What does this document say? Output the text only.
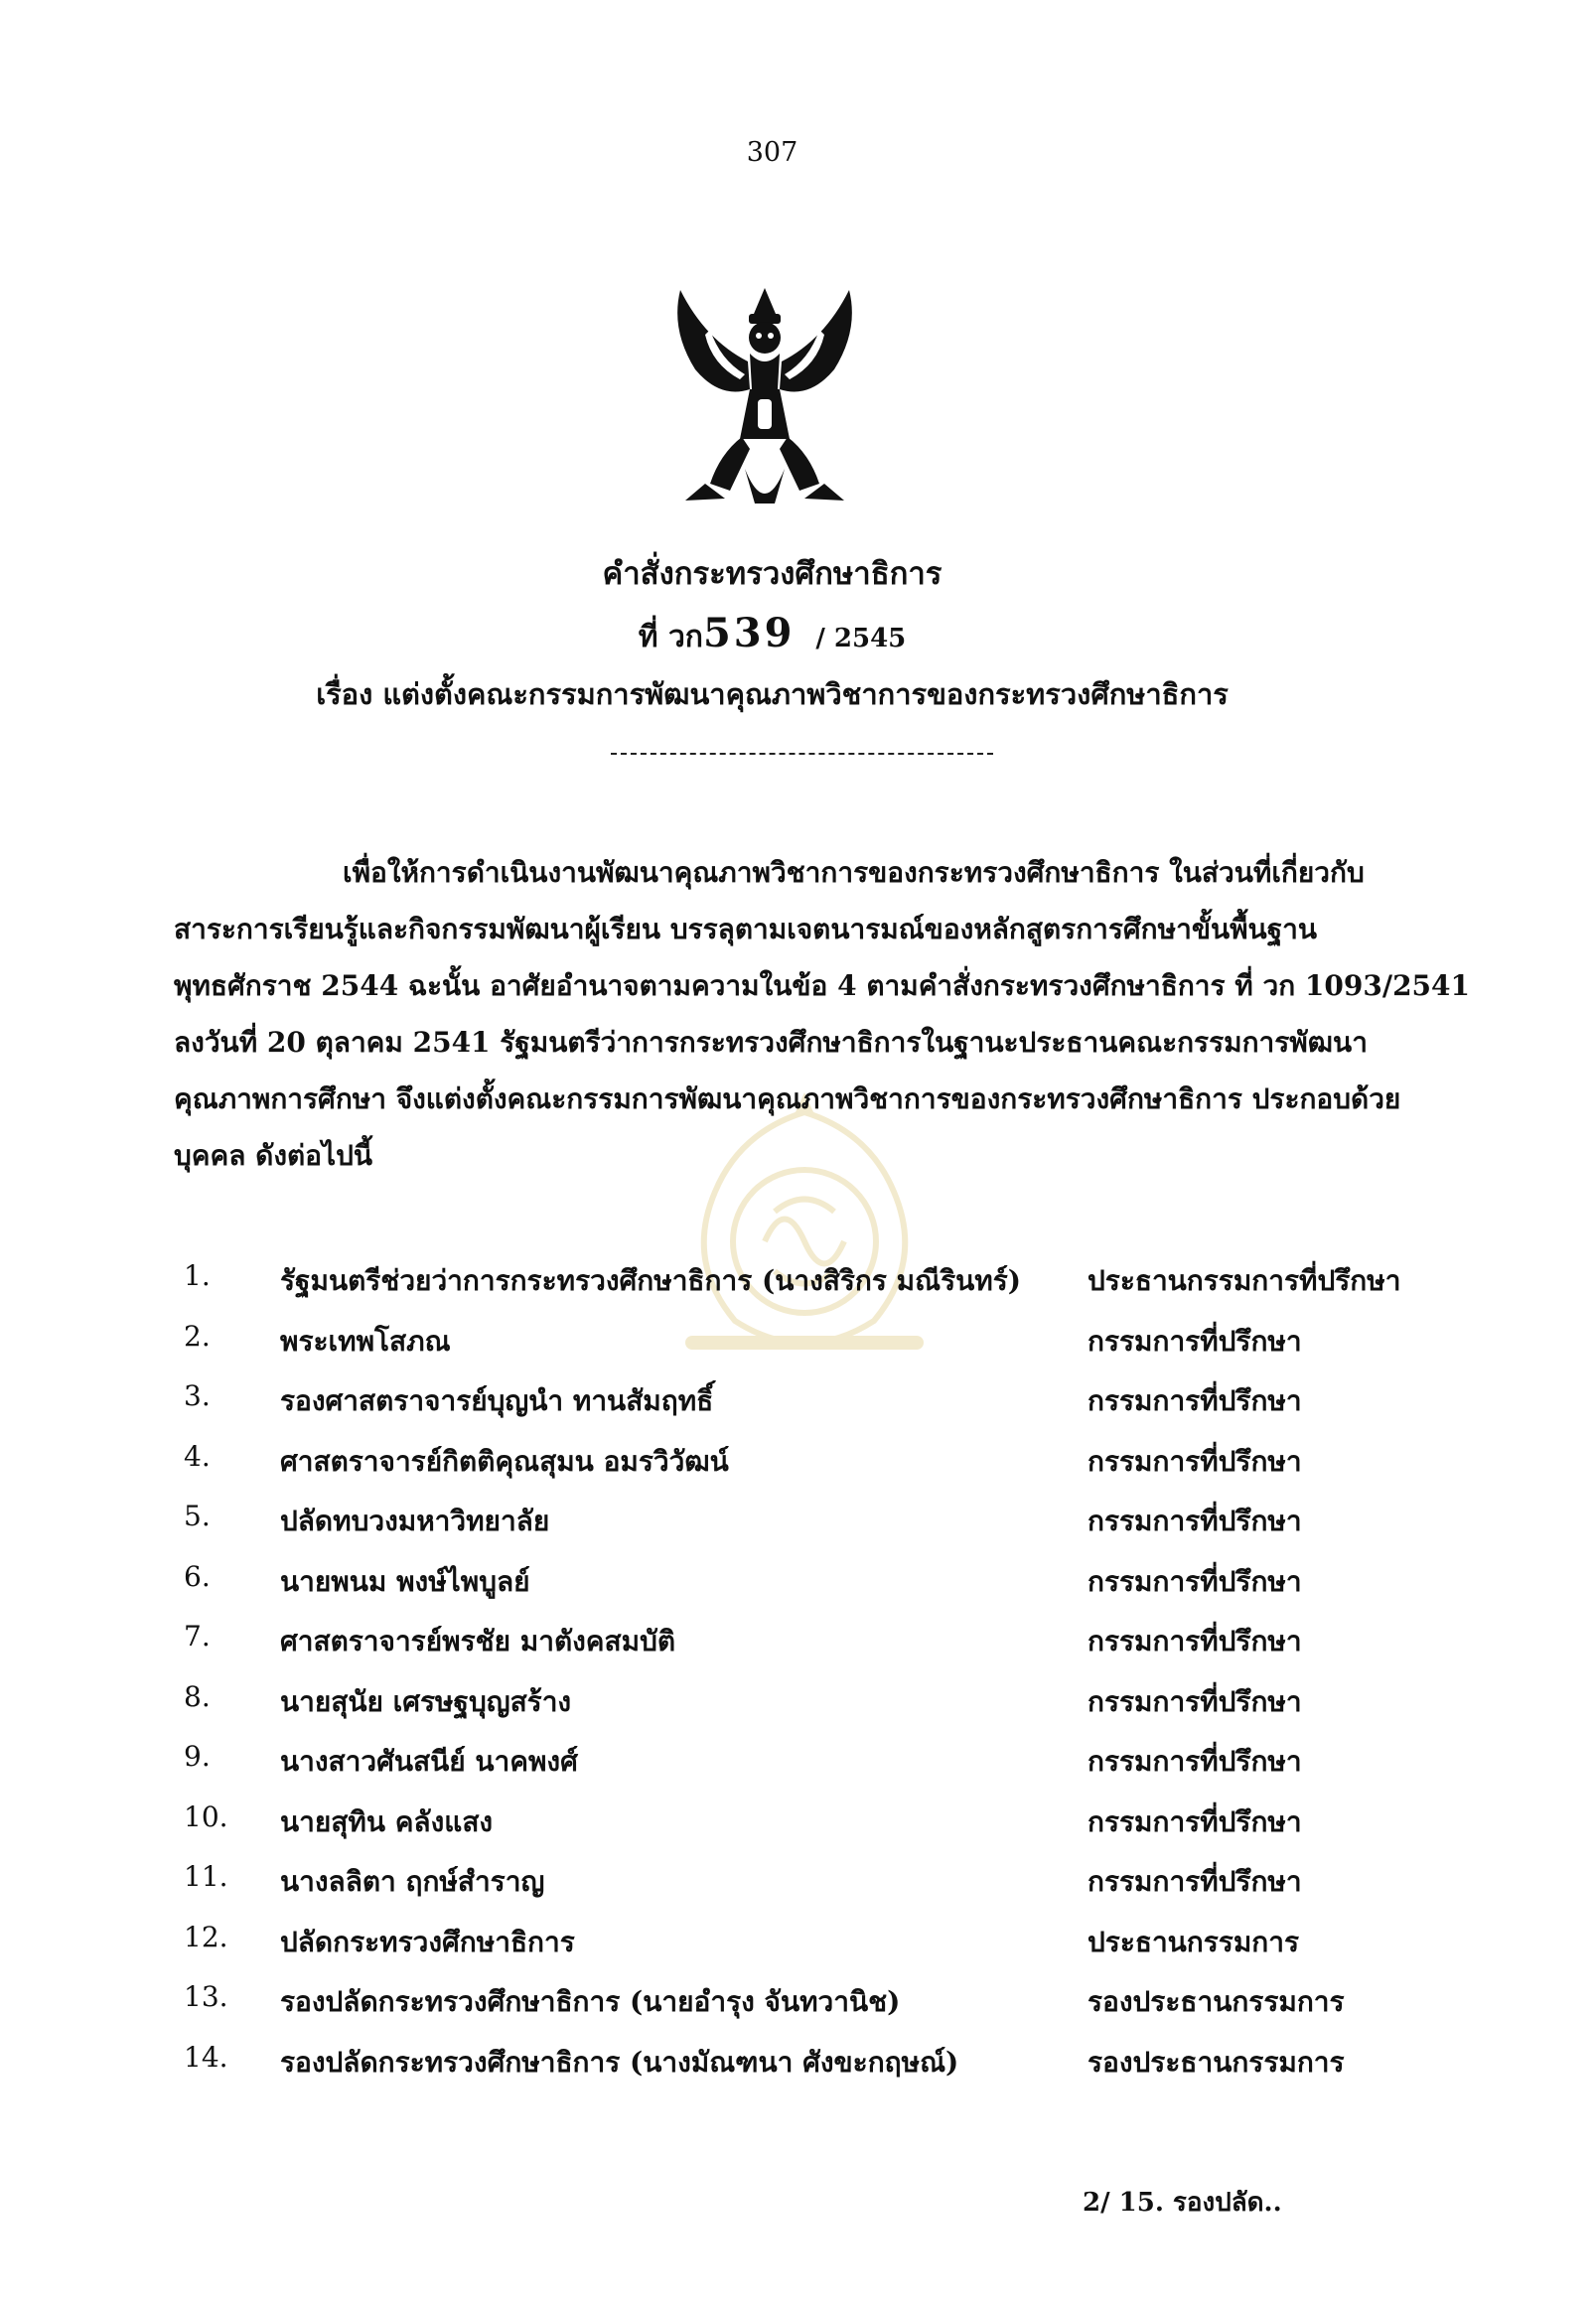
307
คำสั่งกระทรวงศึกษาธิการ
ที่ วก539 / 2545
เรื่อง แต่งตั้งคณะกรรมการพัฒนาคุณภาพวิชาการของกระทรวงศึกษาธิการ

เพื่อให้การดำเนินงานพัฒนาคุณภาพวิชาการของกระทรวงศึกษาธิการ ในส่วนที่เกี่ยวกับ
สาระการเรียนรู้และกิจกรรมพัฒนาผู้เรียน บรรลุตามเจตนารมณ์ของหลักสูตรการศึกษาขั้นพื้นฐาน
พุทธศักราช 2544 ฉะนั้น อาศัยอำนาจตามความในข้อ 4 ตามคำสั่งกระทรวงศึกษาธิการ ที่ วก 1093/2541
ลงวันที่ 20 ตุลาคม 2541 รัฐมนตรีว่าการกระทรวงศึกษาธิการในฐานะประธานคณะกรรมการพัฒนา
คุณภาพการศึกษา จึงแต่งตั้งคณะกรรมการพัฒนาคุณภาพวิชาการของกระทรวงศึกษาธิการ ประกอบด้วย
บุคคล ดังต่อไปนี้

1.	รัฐมนตรีช่วยว่าการกระทรวงศึกษาธิการ (นางสิริกร มณีรินทร์) ประธานกรรมการที่ปรึกษา
2.	พระเทพโสภณ	กรรมการที่ปรึกษา
3.	รองศาสตราจารย์บุญนำ ทานสัมฤทธิ์	กรรมการที่ปรึกษา
4.	ศาสตราจารย์กิตติคุณสุมน อมรวิวัฒน์	กรรมการที่ปรึกษา
5.	ปลัดทบวงมหาวิทยาลัย	กรรมการที่ปรึกษา
6.	นายพนม พงษ์ไพบูลย์	กรรมการที่ปรึกษา
7.	ศาสตราจารย์พรชัย มาตังคสมบัติ	กรรมการที่ปรึกษา
8.	นายสุนัย เศรษฐบุญสร้าง	กรรมการที่ปรึกษา
9.	นางสาวศันสนีย์ นาคพงศ์	กรรมการที่ปรึกษา
10. นายสุทิน คลังแสง	กรรมการที่ปรึกษา
11. นางลลิตา ฤกษ์สำราญ	กรรมการที่ปรึกษา
12. ปลัดกระทรวงศึกษาธิการ	ประธานกรรมการ
13. รองปลัดกระทรวงศึกษาธิการ (นายอำรุง จันทวานิช)	รองประธานกรรมการ
14. รองปลัดกระทรวงศึกษาธิการ (นางมัณฑนา ศังขะกฤษณ์)	รองประธานกรรมการ
2/ 15. รองปลัด..
